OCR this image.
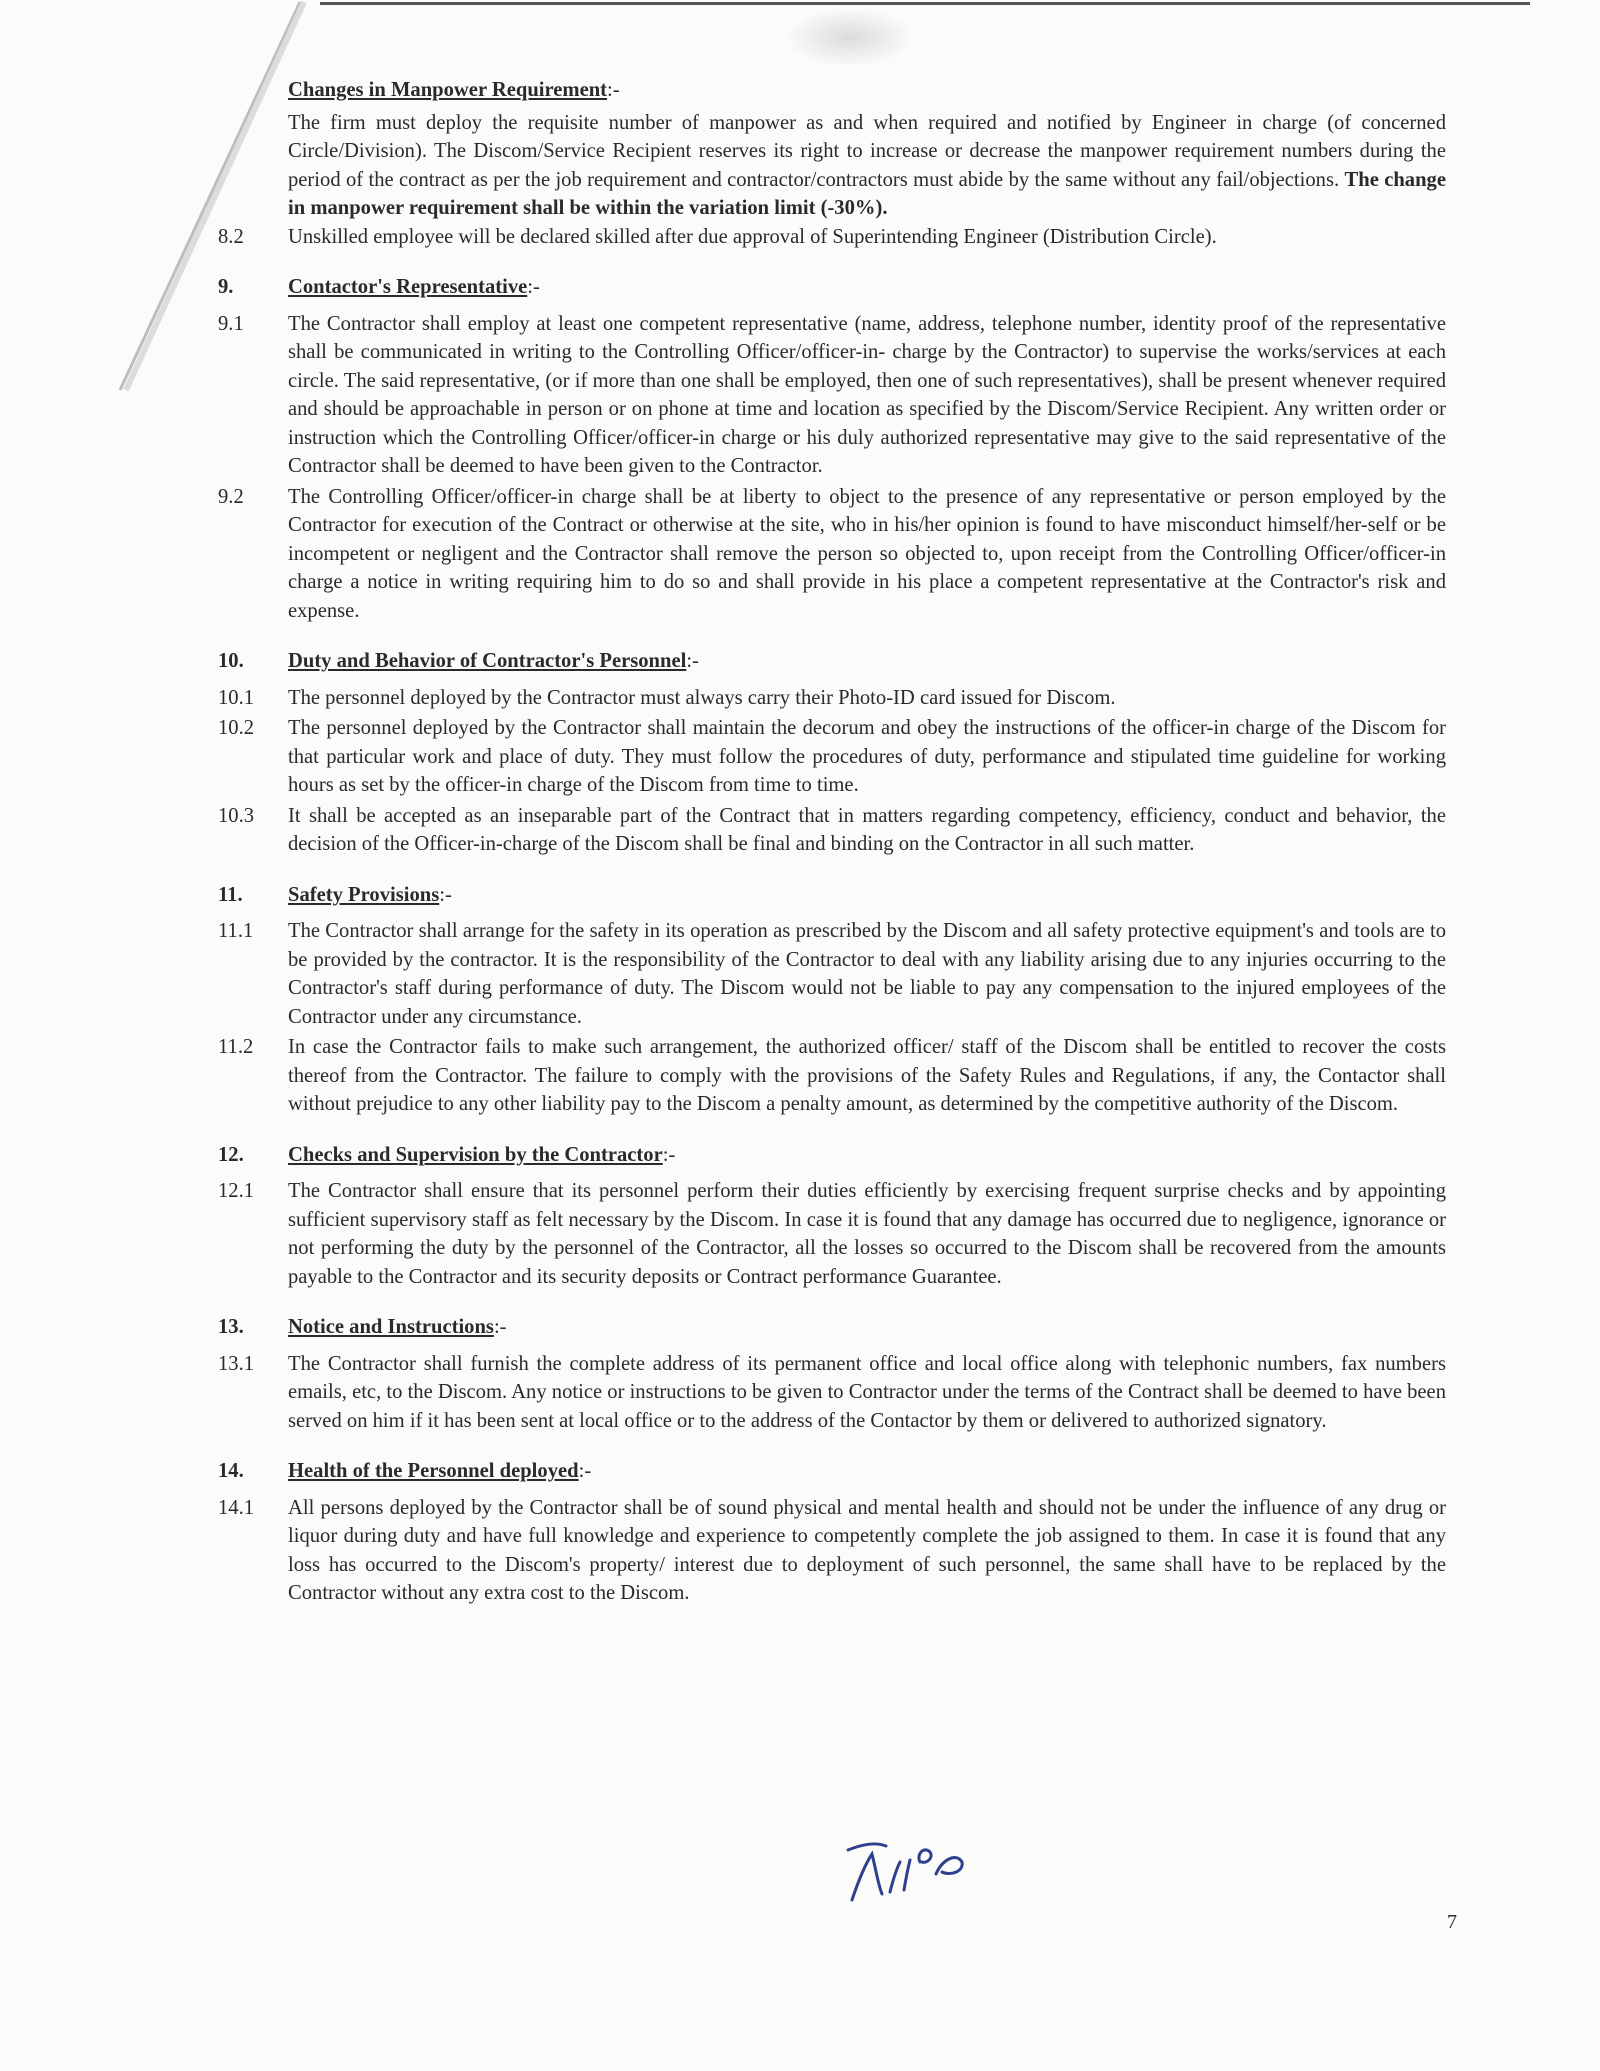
Changes in Manpower Requirement:-
The firm must deploy the requisite number of manpower as and when required and notified by Engineer in charge (of concerned Circle/Division). The Discom/Service Recipient reserves its right to increase or decrease the manpower requirement numbers during the period of the contract as per the job requirement and contractor/contractors must abide by the same without any fail/objections. The change in manpower requirement shall be within the variation limit (-30%).
8.2	Unskilled employee will be declared skilled after due approval of Superintending Engineer (Distribution Circle).
9.	Contactor's Representative:-
9.1	The Contractor shall employ at least one competent representative (name, address, telephone number, identity proof of the representative shall be communicated in writing to the Controlling Officer/officer-in- charge by the Contractor) to supervise the works/services at each circle. The said representative, (or if more than one shall be employed, then one of such representatives), shall be present whenever required and should be approachable in person or on phone at time and location as specified by the Discom/Service Recipient. Any written order or instruction which the Controlling Officer/officer-in charge or his duly authorized representative may give to the said representative of the Contractor shall be deemed to have been given to the Contractor.
9.2	The Controlling Officer/officer-in charge shall be at liberty to object to the presence of any representative or person employed by the Contractor for execution of the Contract or otherwise at the site, who in his/her opinion is found to have misconduct himself/her-self or be incompetent or negligent and the Contractor shall remove the person so objected to, upon receipt from the Controlling Officer/officer-in charge a notice in writing requiring him to do so and shall provide in his place a competent representative at the Contractor's risk and expense.
10.	Duty and Behavior of Contractor's Personnel:-
10.1	The personnel deployed by the Contractor must always carry their Photo-ID card issued for Discom.
10.2	The personnel deployed by the Contractor shall maintain the decorum and obey the instructions of the officer-in charge of the Discom for that particular work and place of duty. They must follow the procedures of duty, performance and stipulated time guideline for working hours as set by the officer-in charge of the Discom from time to time.
10.3	It shall be accepted as an inseparable part of the Contract that in matters regarding competency, efficiency, conduct and behavior, the decision of the Officer-in-charge of the Discom shall be final and binding on the Contractor in all such matter.
11.	Safety Provisions:-
11.1	The Contractor shall arrange for the safety in its operation as prescribed by the Discom and all safety protective equipment's and tools are to be provided by the contractor. It is the responsibility of the Contractor to deal with any liability arising due to any injuries occurring to the Contractor's staff during performance of duty. The Discom would not be liable to pay any compensation to the injured employees of the Contractor under any circumstance.
11.2	In case the Contractor fails to make such arrangement, the authorized officer/ staff of the Discom shall be entitled to recover the costs thereof from the Contractor. The failure to comply with the provisions of the Safety Rules and Regulations, if any, the Contactor shall without prejudice to any other liability pay to the Discom a penalty amount, as determined by the competitive authority of the Discom.
12.	Checks and Supervision by the Contractor:-
12.1	The Contractor shall ensure that its personnel perform their duties efficiently by exercising frequent surprise checks and by appointing sufficient supervisory staff as felt necessary by the Discom. In case it is found that any damage has occurred due to negligence, ignorance or not performing the duty by the personnel of the Contractor, all the losses so occurred to the Discom shall be recovered from the amounts payable to the Contractor and its security deposits or Contract performance Guarantee.
13.	Notice and Instructions:-
13.1	The Contractor shall furnish the complete address of its permanent office and local office along with telephonic numbers, fax numbers emails, etc, to the Discom. Any notice or instructions to be given to Contractor under the terms of the Contract shall be deemed to have been served on him if it has been sent at local office or to the address of the Contactor by them or delivered to authorized signatory.
14.	Health of the Personnel deployed:-
14.1	All persons deployed by the Contractor shall be of sound physical and mental health and should not be under the influence of any drug or liquor during duty and have full knowledge and experience to competently complete the job assigned to them. In case it is found that any loss has occurred to the Discom's property/ interest due to deployment of such personnel, the same shall have to be replaced by the Contractor without any extra cost to the Discom.
7
